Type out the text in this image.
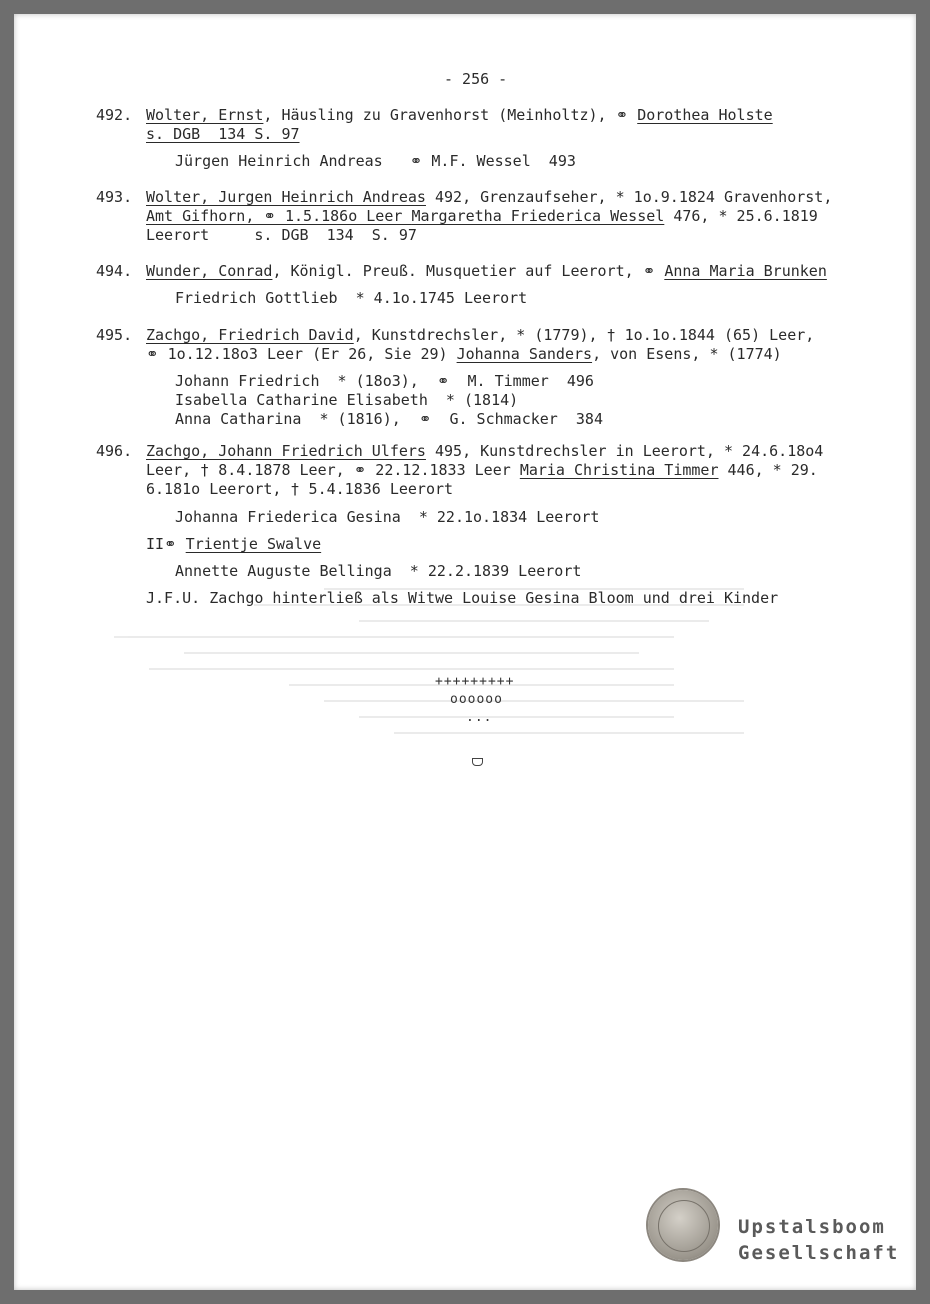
- 256 -
492. Wolter, Ernst, Häusling zu Gravenhorst (Meinholtz), ⚭ Dorothea Holste
s. DGB  134 S. 97
Jürgen Heinrich Andreas   ⚭ M.F. Wessel  493
493. Wolter, Jurgen Heinrich Andreas 492, Grenzaufseher, * 1o.9.1824 Gravenhorst,
Amt Gifhorn, ⚭ 1.5.186o Leer Margaretha Friederica Wessel 476, * 25.6.1819
Leerort     s. DGB  134  S. 97
494. Wunder, Conrad, Königl. Preuß. Musquetier auf Leerort, ⚭ Anna Maria Brunken
Friedrich Gottlieb  * 4.1o.1745 Leerort
495. Zachgo, Friedrich David, Kunstdrechsler, * (1779), † 1o.1o.1844 (65) Leer,
⚭ 1o.12.18o3 Leer (Er 26, Sie 29) Johanna Sanders, von Esens, * (1774)
Johann Friedrich  * (18o3),  ⚭  M. Timmer  496
Isabella Catharine Elisabeth  * (1814)
Anna Catharina  * (1816),  ⚭  G. Schmacker  384
496. Zachgo, Johann Friedrich Ulfers 495, Kunstdrechsler in Leerort, * 24.6.18o4
Leer, † 8.4.1878 Leer, ⚭ 22.12.1833 Leer Maria Christina Timmer 446, * 29.
6.181o Leerort, † 5.4.1836 Leerort
Johanna Friederica Gesina  * 22.1o.1834 Leerort
II⚭ Trientje Swalve
Annette Auguste Bellinga  * 22.2.1839 Leerort
J.F.U. Zachgo hinterließ als Witwe Louise Gesina Bloom und drei Kinder
+++++++++
oooooo
...
Upstalsboom
Gesellschaft
